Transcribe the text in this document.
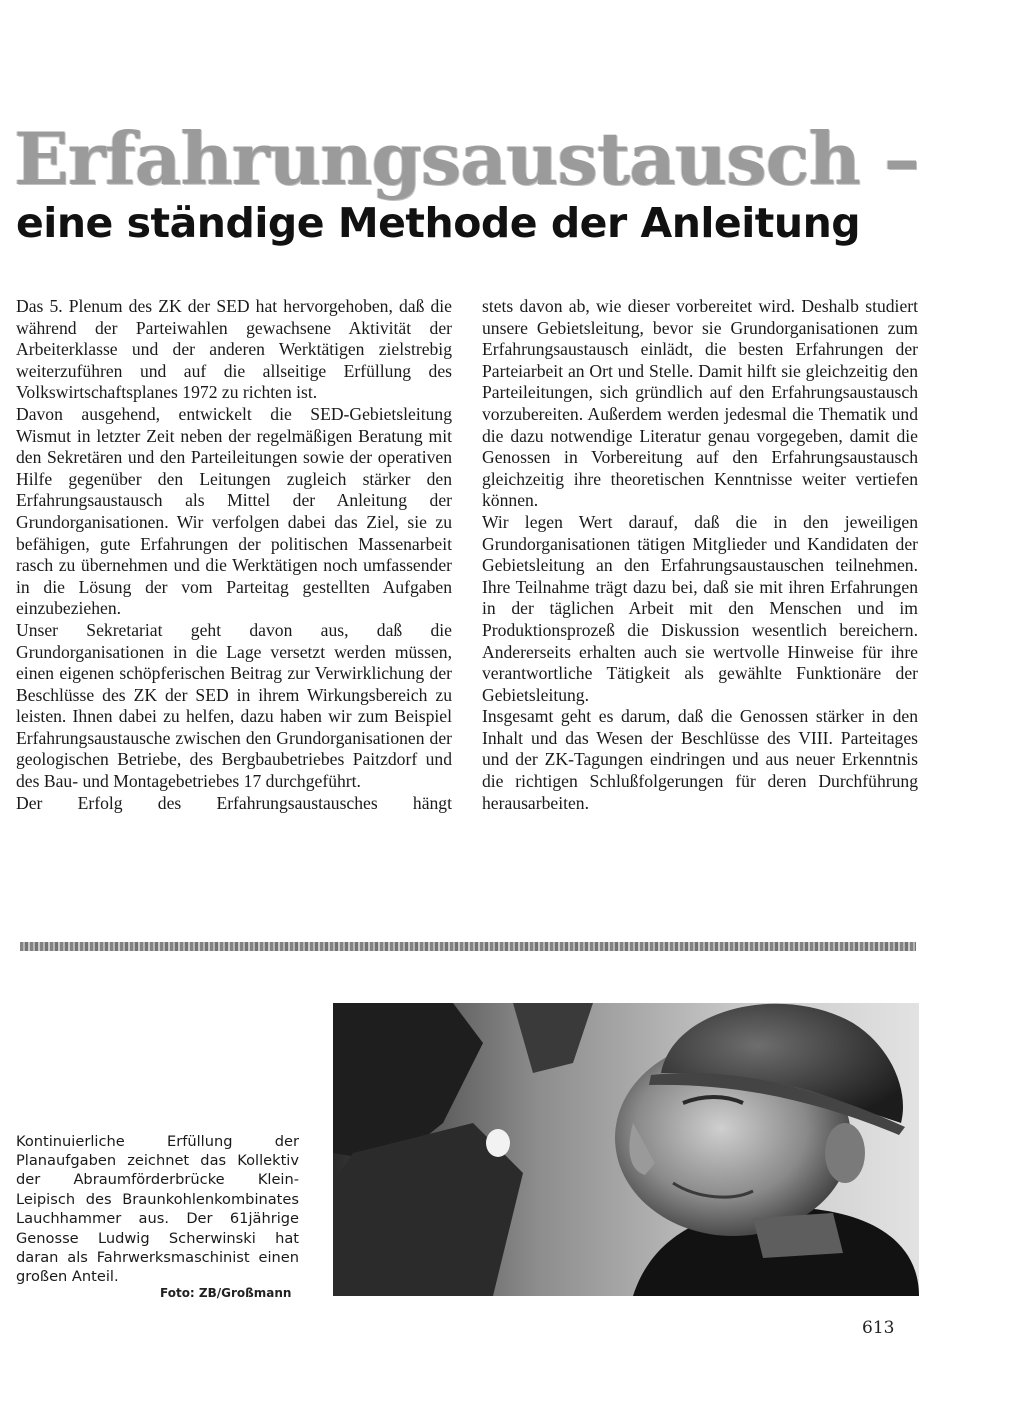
Erfahrungsaustausch –
eine ständige Methode der Anleitung

Das 5. Plenum des ZK der SED hat hervorgehoben, daß die während der Parteiwahlen gewachsene Aktivität der Arbeiterklasse und der anderen Werktätigen zielstrebig weiterzuführen und auf die allseitige Erfüllung des Volkswirtschaftsplanes 1972 zu richten ist.

Davon ausgehend, entwickelt die SED-Gebietsleitung Wismut in letzter Zeit neben der regelmäßigen Beratung mit den Sekretären und den Parteileitungen sowie der operativen Hilfe gegenüber den Leitungen zugleich stärker den Erfahrungsaustausch als Mittel der Anleitung der Grundorganisationen. Wir verfolgen dabei das Ziel, sie zu befähigen, gute Erfahrungen der politischen Massenarbeit rasch zu übernehmen und die Werktätigen noch umfassender in die Lösung der vom Parteitag gestellten Aufgaben einzubeziehen.

Unser Sekretariat geht davon aus, daß die Grundorganisationen in die Lage versetzt werden müssen, einen eigenen schöpferischen Beitrag zur Verwirklichung der Beschlüsse des ZK der SED in ihrem Wirkungsbereich zu leisten. Ihnen dabei zu helfen, dazu haben wir zum Beispiel Erfahrungsaustausche zwischen den Grundorganisationen der geologischen Betriebe, des Bergbaubetriebes Paitzdorf und des Bau- und Montagebetriebes 17 durchgeführt.

Der Erfolg des Erfahrungsaustausches hängt

stets davon ab, wie dieser vorbereitet wird. Deshalb studiert unsere Gebietsleitung, bevor sie Grundorganisationen zum Erfahrungsaustausch einlädt, die besten Erfahrungen der Parteiarbeit an Ort und Stelle. Damit hilft sie gleichzeitig den Parteileitungen, sich gründlich auf den Erfahrungsaustausch vorzubereiten. Außerdem werden jedesmal die Thematik und die dazu notwendige Literatur genau vorgegeben, damit die Genossen in Vorbereitung auf den Erfahrungsaustausch gleichzeitig ihre theoretischen Kenntnisse weiter vertiefen können.

Wir legen Wert darauf, daß die in den jeweiligen Grundorganisationen tätigen Mitglieder und Kandidaten der Gebietsleitung an den Erfahrungsaustauschen teilnehmen. Ihre Teilnahme trägt dazu bei, daß sie mit ihren Erfahrungen in der täglichen Arbeit mit den Menschen und im Produktionsprozeß die Diskussion wesentlich bereichern. Andererseits erhalten auch sie wertvolle Hinweise für ihre verantwortliche Tätigkeit als gewählte Funktionäre der Gebietsleitung.

Insgesamt geht es darum, daß die Genossen stärker in den Inhalt und das Wesen der Beschlüsse des VIII. Parteitages und der ZK-Tagungen eindringen und aus neuer Erkenntnis die richtigen Schlußfolgerungen für deren Durchführung herausarbeiten.

Kontinuierliche Erfüllung der Planaufgaben zeichnet das Kollektiv der Abraumförderbrücke Klein-Leipisch des Braunkohlenkombinates Lauchhammer aus. Der 61jährige Genosse Ludwig Scherwinski hat daran als Fahrwerksmaschinist einen großen Anteil.

Foto: ZB/Großmann
613
